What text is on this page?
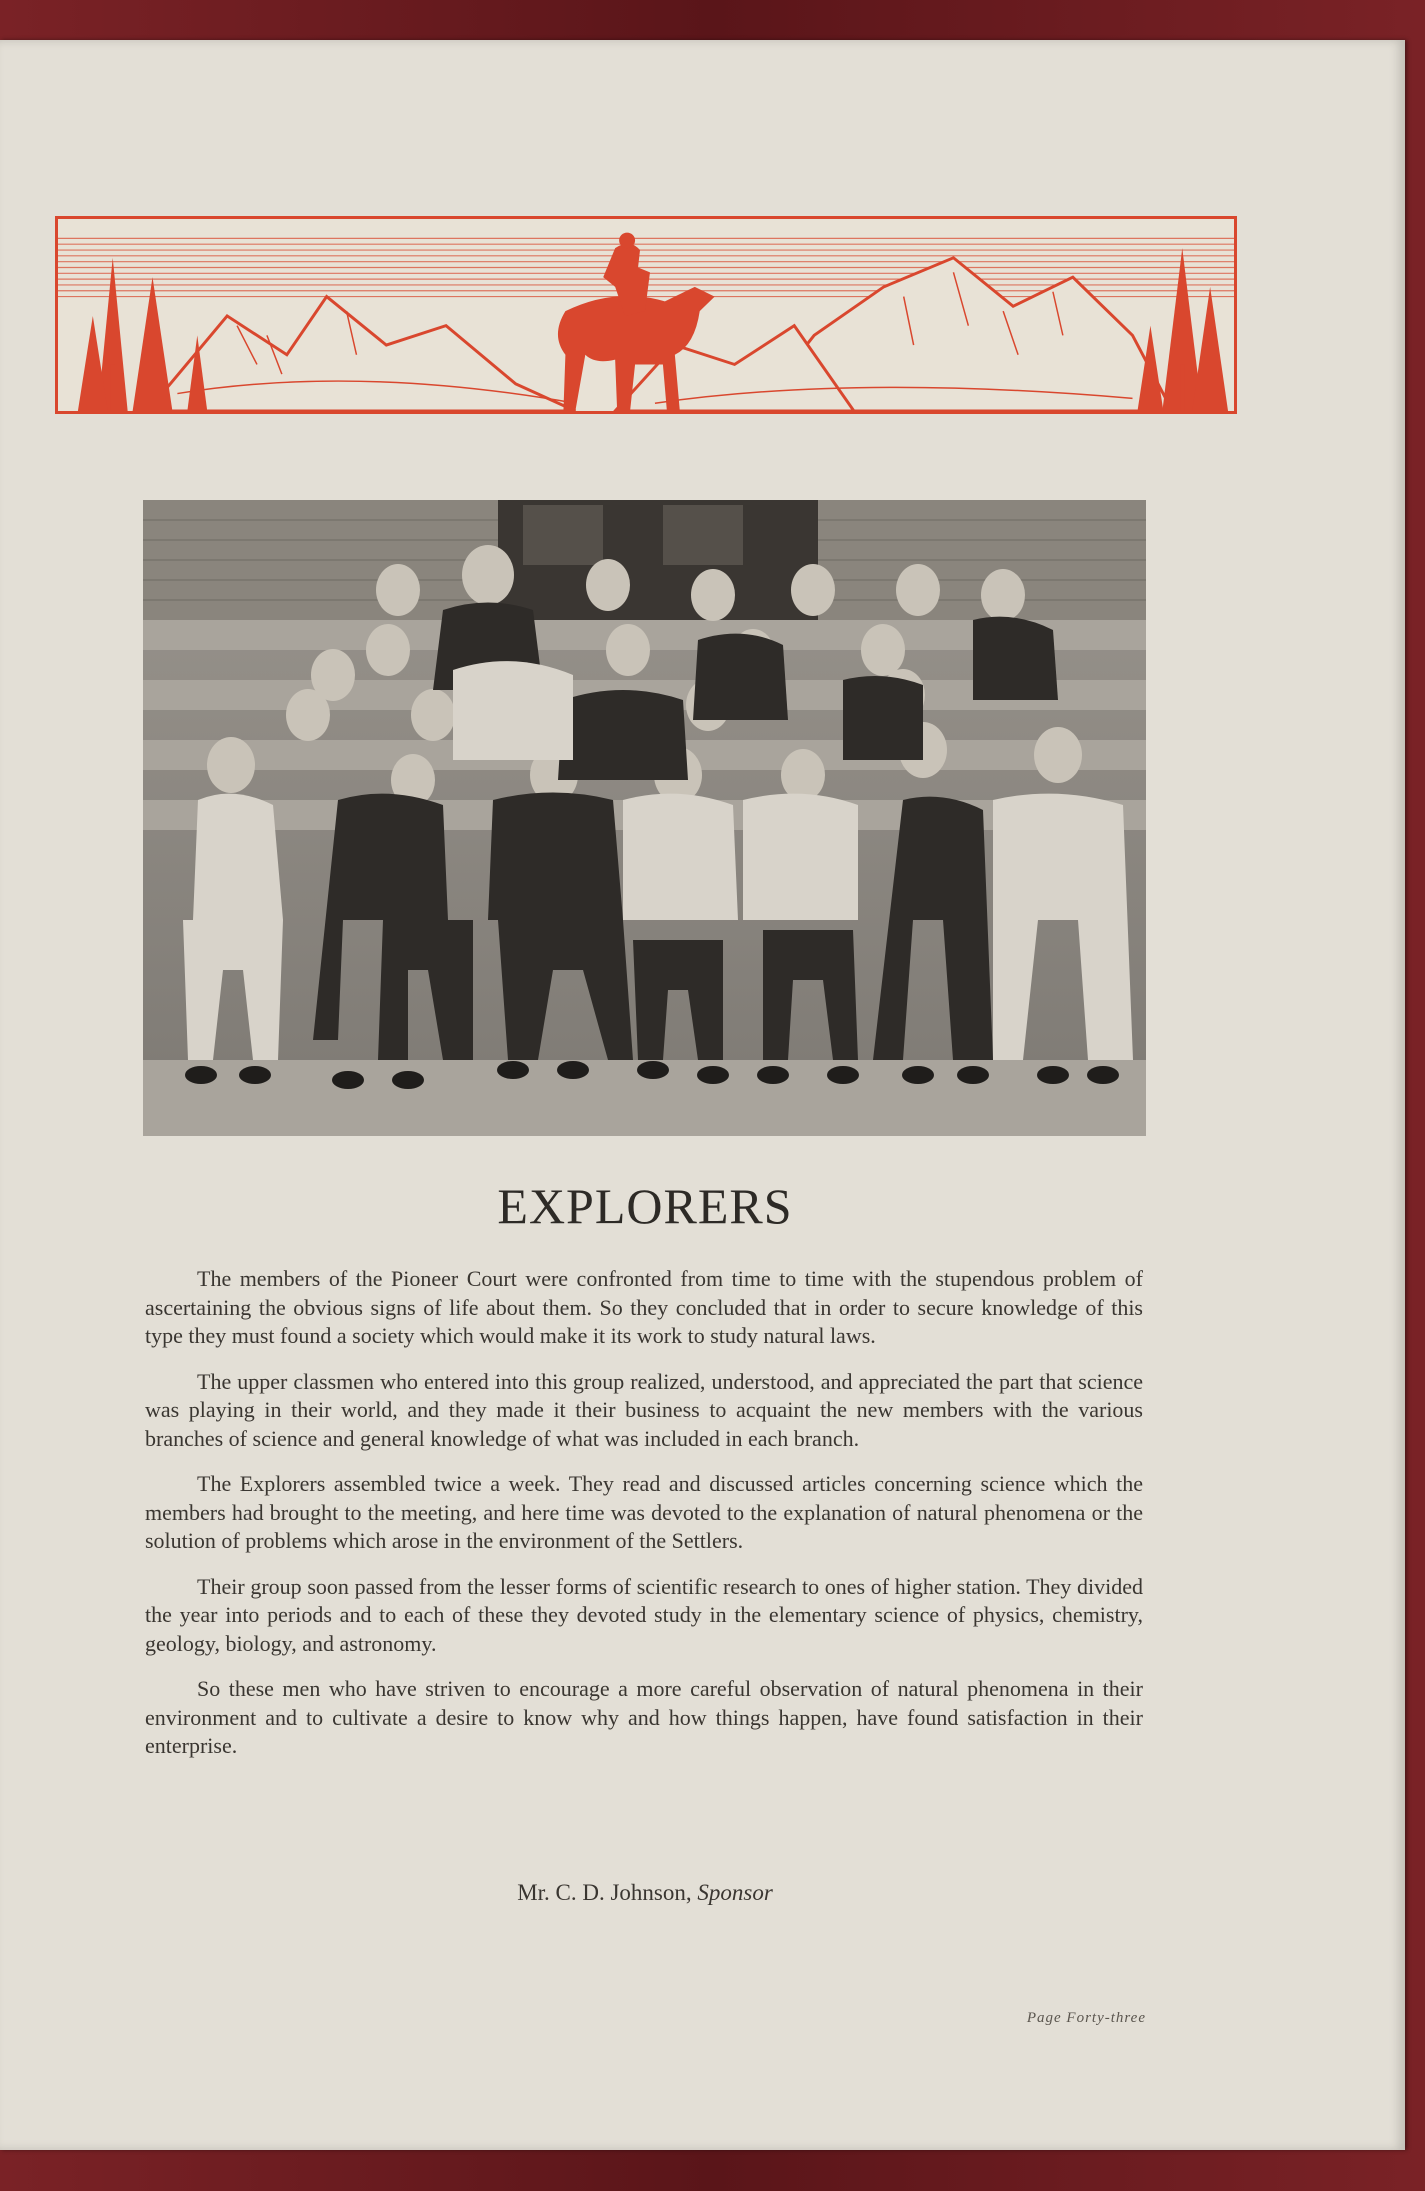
EXPLORERS

The members of the Pioneer Court were confronted from time to time with the stupendous problem of ascertaining the obvious signs of life about them. So they concluded that in order to secure knowledge of this type they must found a society which would make it its work to study natural laws.

The upper classmen who entered into this group realized, understood, and appreciated the part that science was playing in their world, and they made it their business to acquaint the new members with the various branches of science and general knowledge of what was included in each branch.

The Explorers assembled twice a week. They read and discussed articles concerning science which the members had brought to the meeting, and here time was devoted to the explanation of natural phenomena or the solution of problems which arose in the environment of the Settlers.

Their group soon passed from the lesser forms of scientific research to ones of higher station. They divided the year into periods and to each of these they devoted study in the elementary science of physics, chemistry, geology, biology, and astronomy.

So these men who have striven to encourage a more careful observation of natural phenomena in their environment and to cultivate a desire to know why and how things happen, have found satisfaction in their enterprise.

Mr. C. D. Johnson, Sponsor
Page Forty-three
